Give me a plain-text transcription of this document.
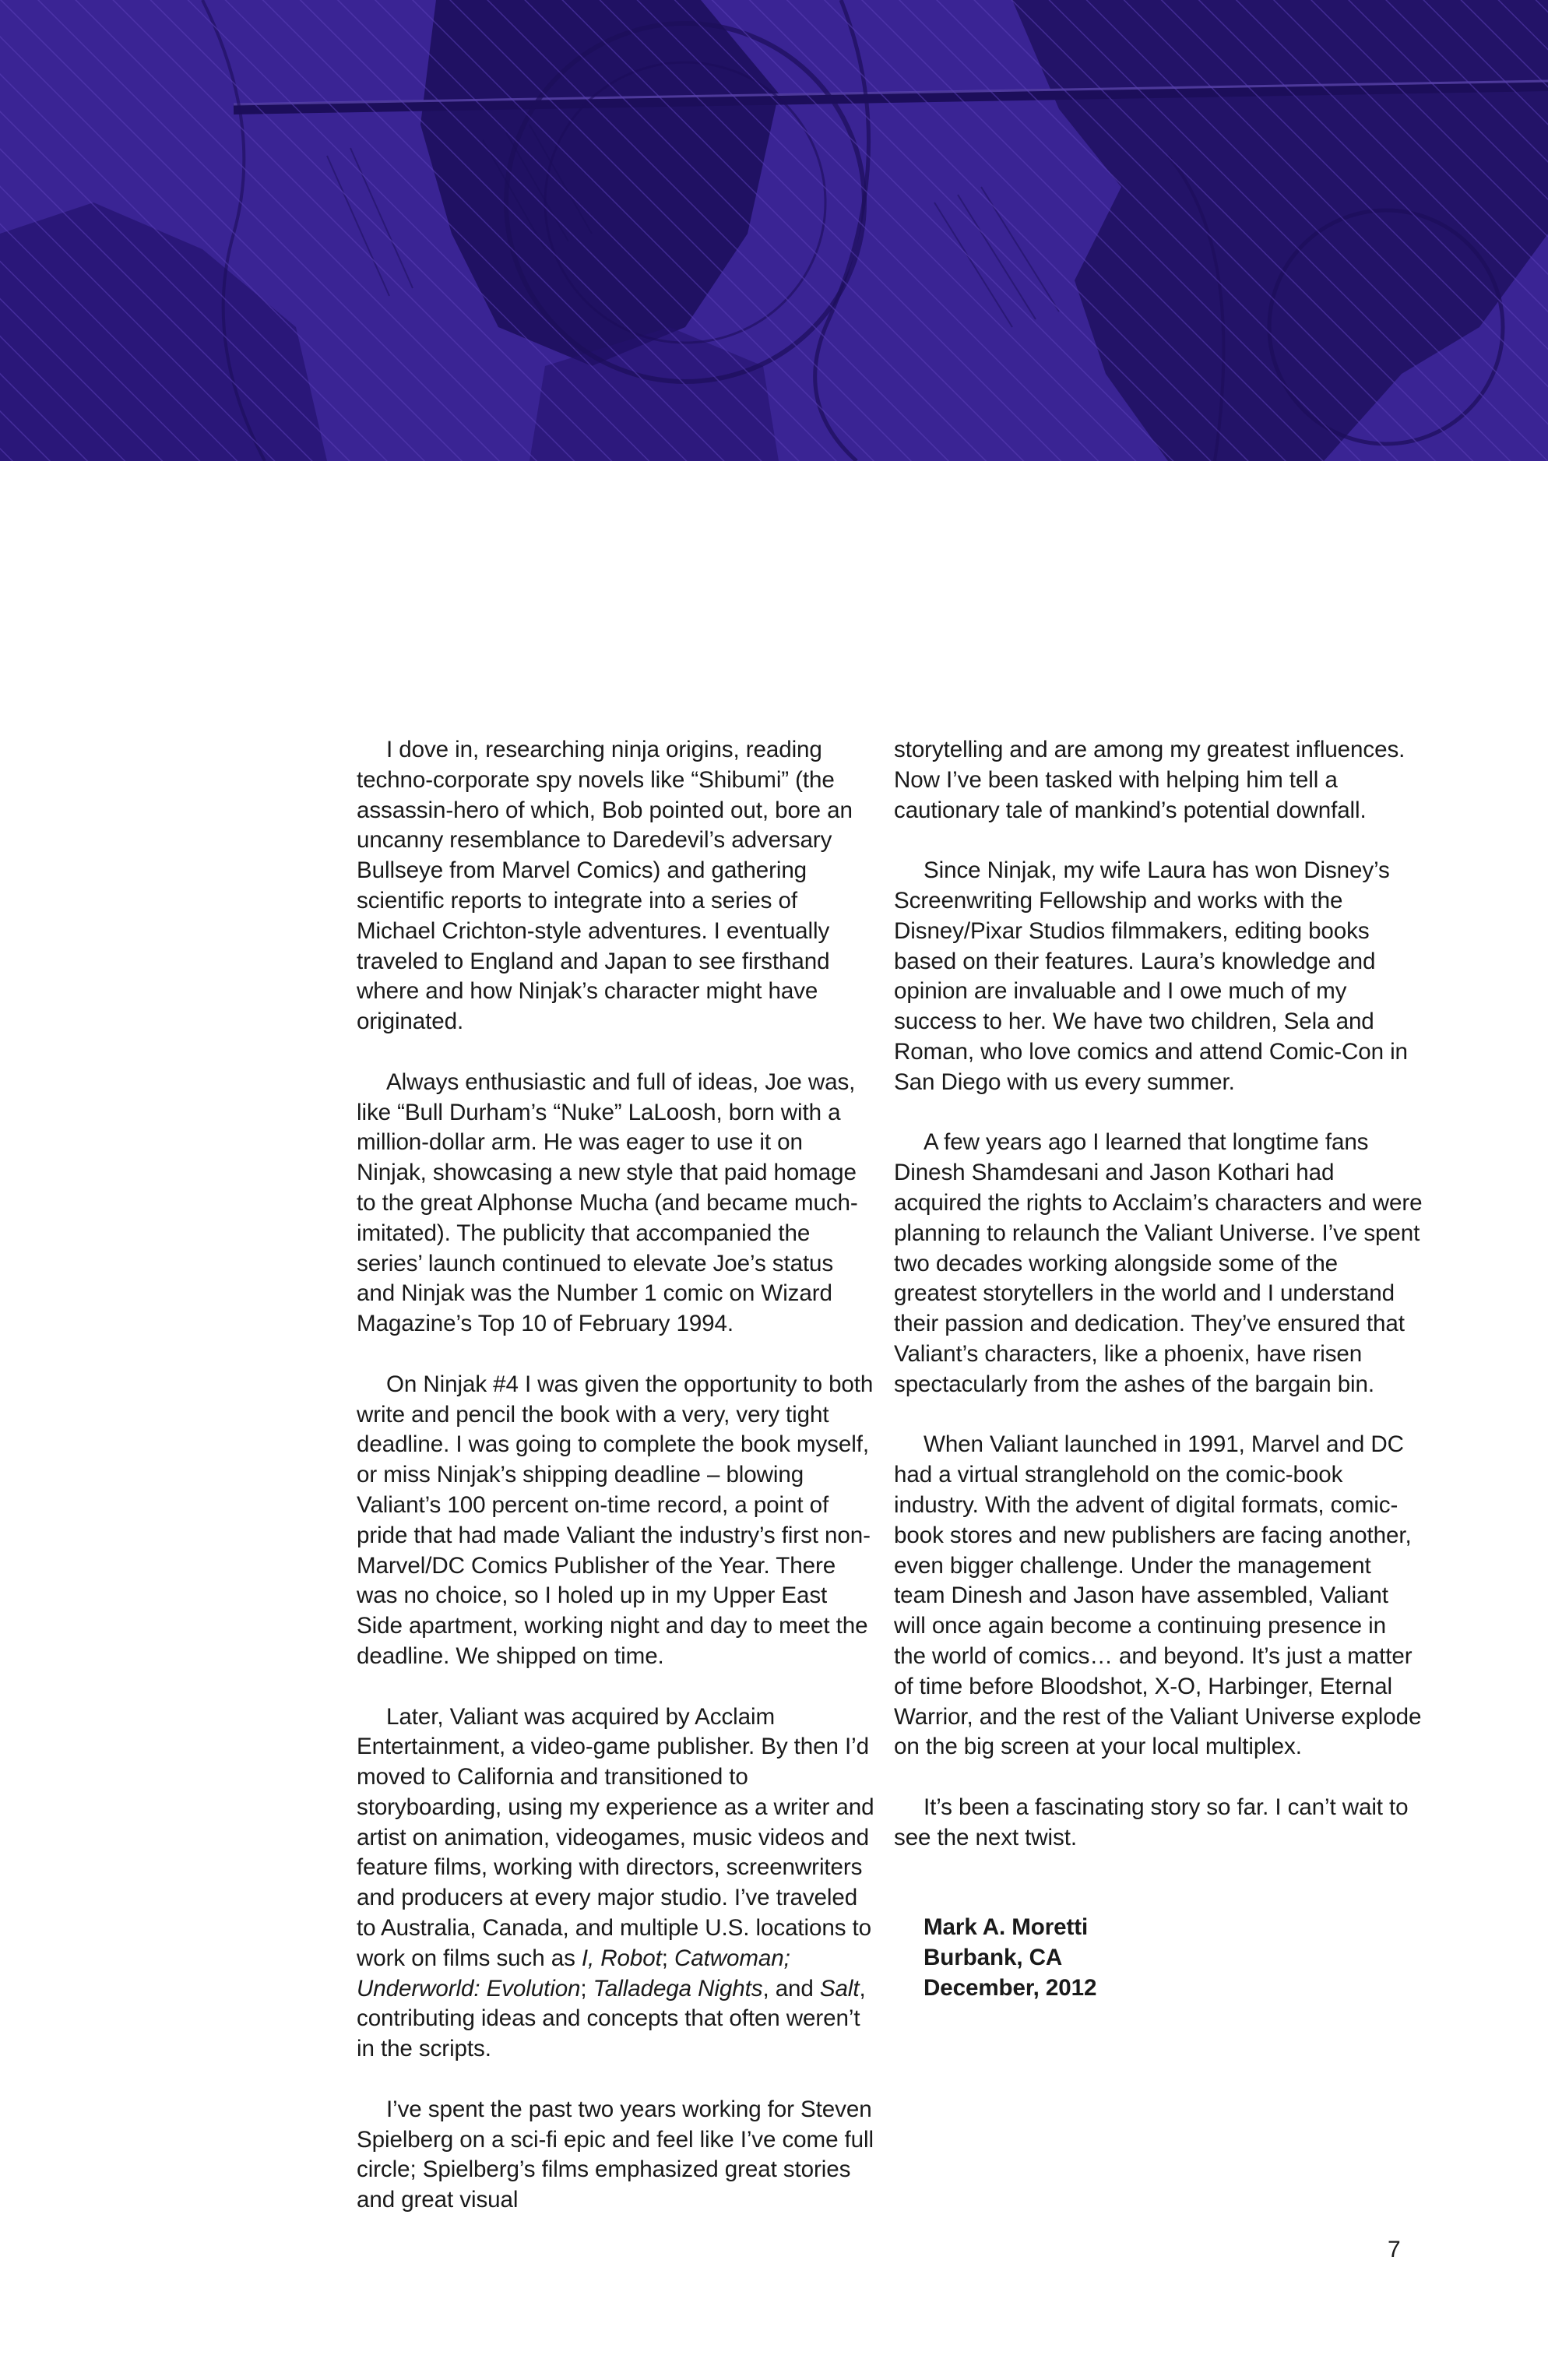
I dove in, researching ninja origins, reading techno-corporate spy novels like “Shibumi” (the assassin-hero of which, Bob pointed out, bore an uncanny resemblance to Daredevil’s adversary Bullseye from Marvel Comics) and gathering scientific reports to integrate into a series of Michael Crichton-style adventures. I eventually traveled to England and Japan to see firsthand where and how Ninjak’s character might have originated.

Always enthusiastic and full of ideas, Joe was, like “Bull Durham’s “Nuke” LaLoosh, born with a million-dollar arm. He was eager to use it on Ninjak, showcasing a new style that paid homage to the great Alphonse Mucha (and became much-imitated). The publicity that accompanied the series’ launch continued to elevate Joe’s status and Ninjak was the Number 1 comic on Wizard Magazine’s Top 10 of February 1994.

On Ninjak #4 I was given the opportunity to both write and pencil the book with a very, very tight deadline. I was going to complete the book myself, or miss Ninjak’s shipping deadline – blowing Valiant’s 100 percent on-time record, a point of pride that had made Valiant the industry’s first non-Marvel/DC Comics Publisher of the Year. There was no choice, so I holed up in my Upper East Side apartment, working night and day to meet the deadline. We shipped on time.

Later, Valiant was acquired by Acclaim Entertainment, a video-game publisher. By then I’d moved to California and transitioned to storyboarding, using my experience as a writer and artist on animation, videogames, music videos and feature films, working with directors, screenwriters and producers at every major studio. I’ve traveled to Australia, Canada, and multiple U.S. locations to work on films such as I, Robot; Catwoman; Underworld: Evolution; Talladega Nights, and Salt, contributing ideas and concepts that often weren’t in the scripts.

I’ve spent the past two years working for Steven Spielberg on a sci-fi epic and feel like I’ve come full circle; Spielberg’s films emphasized great stories and great visual

storytelling and are among my greatest influences. Now I’ve been tasked with helping him tell a cautionary tale of mankind’s potential downfall.

Since Ninjak, my wife Laura has won Disney’s Screenwriting Fellowship and works with the Disney/Pixar Studios filmmakers, editing books based on their features. Laura’s knowledge and opinion are invaluable and I owe much of my success to her. We have two children, Sela and Roman, who love comics and attend Comic-Con in San Diego with us every summer.

A few years ago I learned that longtime fans Dinesh Shamdesani and Jason Kothari had acquired the rights to Acclaim’s characters and were planning to relaunch the Valiant Universe. I’ve spent two decades working alongside some of the greatest storytellers in the world and I understand their passion and dedication. They’ve ensured that Valiant’s characters, like a phoenix, have risen spectacularly from the ashes of the bargain bin.

When Valiant launched in 1991, Marvel and DC had a virtual stranglehold on the comic-book industry. With the advent of digital formats, comic-book stores and new publishers are facing another, even bigger challenge. Under the management team Dinesh and Jason have assembled, Valiant will once again become a continuing presence in the world of comics… and beyond. It’s just a matter of time before Bloodshot, X-O, Harbinger, Eternal Warrior, and the rest of the Valiant Universe explode on the big screen at your local multiplex.

It’s been a fascinating story so far. I can’t wait to see the next twist.

Mark A. Moretti
Burbank, CA
December, 2012
7
